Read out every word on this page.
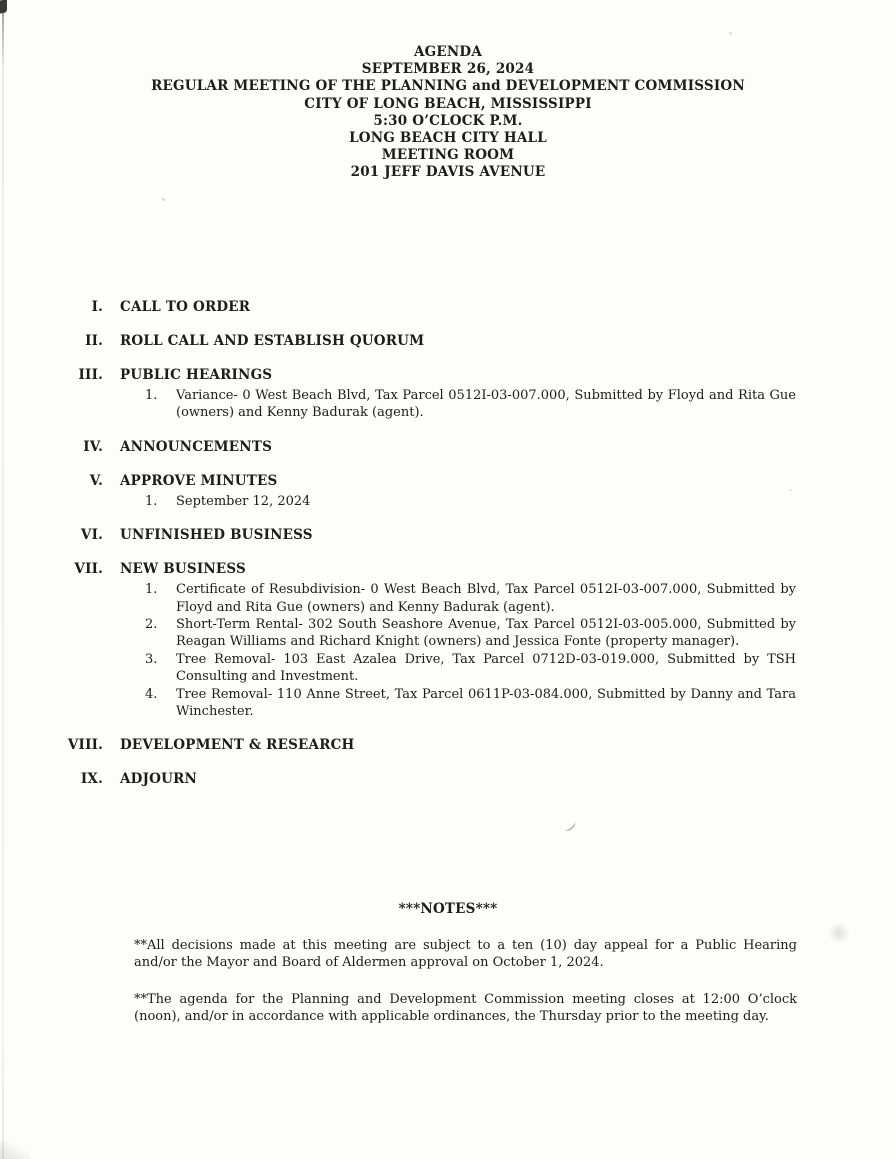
AGENDA
SEPTEMBER 26, 2024
REGULAR MEETING OF THE PLANNING and DEVELOPMENT COMMISSION
CITY OF LONG BEACH, MISSISSIPPI
5:30 O’CLOCK P.M.
LONG BEACH CITY HALL
MEETING ROOM
201 JEFF DAVIS AVENUE
I. CALL TO ORDER
II. ROLL CALL AND ESTABLISH QUORUM
III. PUBLIC HEARINGS
1. Variance- 0 West Beach Blvd, Tax Parcel 0512I-03-007.000, Submitted by Floyd and Rita Gue (owners) and Kenny Badurak (agent).
IV. ANNOUNCEMENTS
V. APPROVE MINUTES
1. September 12, 2024
VI. UNFINISHED BUSINESS
VII. NEW BUSINESS
1. Certificate of Resubdivision- 0 West Beach Blvd, Tax Parcel 0512I-03-007.000, Submitted by Floyd and Rita Gue (owners) and Kenny Badurak (agent).
2. Short-Term Rental- 302 South Seashore Avenue, Tax Parcel 0512I-03-005.000, Submitted by Reagan Williams and Richard Knight (owners) and Jessica Fonte (property manager).
3. Tree Removal- 103 East Azalea Drive, Tax Parcel 0712D-03-019.000, Submitted by TSH Consulting and Investment.
4. Tree Removal- 110 Anne Street, Tax Parcel 0611P-03-084.000, Submitted by Danny and Tara Winchester.
VIII. DEVELOPMENT & RESEARCH
IX. ADJOURN
***NOTES***

**All decisions made at this meeting are subject to a ten (10) day appeal for a Public Hearing and/or the Mayor and Board of Aldermen approval on October 1, 2024.

**The agenda for the Planning and Development Commission meeting closes at 12:00 O’clock (noon), and/or in accordance with applicable ordinances, the Thursday prior to the meeting day.
